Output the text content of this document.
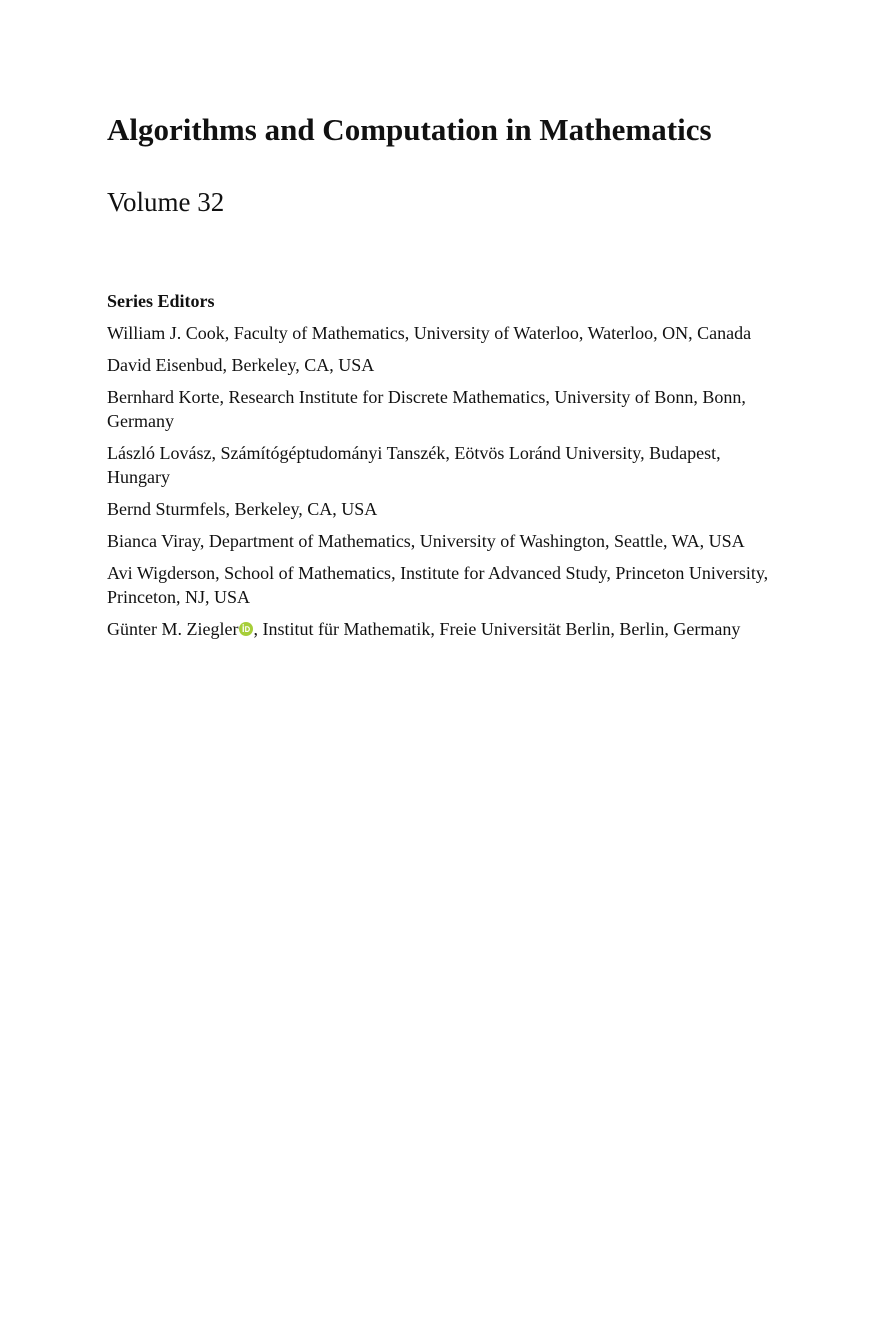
Algorithms and Computation in Mathematics
Volume 32

Series Editors

William J. Cook, Faculty of Mathematics, University of Waterloo, Waterloo, ON, Canada
David Eisenbud, Berkeley, CA, USA
Bernhard Korte, Research Institute for Discrete Mathematics, University of Bonn, Bonn, Germany
László Lovász, Számítógéptudományi Tanszék, Eötvös Loránd University, Budapest, Hungary
Bernd Sturmfels, Berkeley, CA, USA
Bianca Viray, Department of Mathematics, University of Washington, Seattle, WA, USA
Avi Wigderson, School of Mathematics, Institute for Advanced Study, Princeton University, Princeton, NJ, USA
Günter M. Ziegler , Institut für Mathematik, Freie Universität Berlin, Berlin, Germany
